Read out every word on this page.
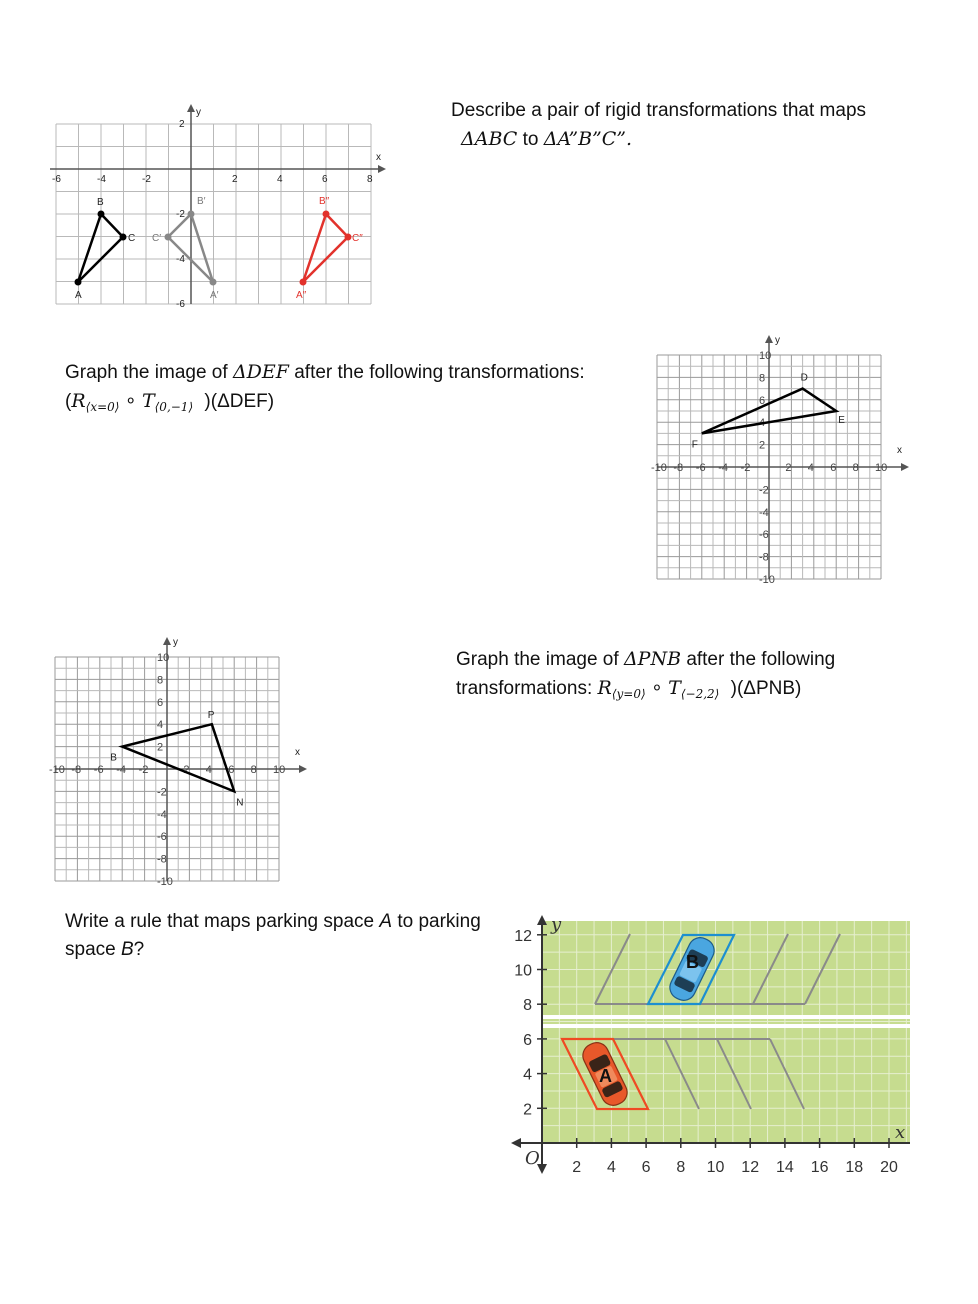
Describe a pair of rigid transformations that maps
ΔABC to ΔA”B”C”.
x
y
-6	-4	-2	2	4	6	8
2
-2
-4
-6
A
B
C
A′
B′
C′
A″
B″
C″
Graph the image of ΔDEF after the following transformations:
($R_{⟨x=0⟩}$ ∘ $T_{⟨0,-1⟩}$ )(ΔDEF)
x
y
-10 -8 -6 -4 -2	2 4 6 8 10
10
8
6
4
2
-2
-4
-6
-8
-10
D
E
F
x
y
-10 -8 -6 -4 -2	2 4 6 8 10
10
8
6
4
2
-2
-4
-6
-8
-10
P
N
B
Graph the image of ΔPNB after the following
transformations: $R_{⟨y=0⟩}$ ∘ $T_{⟨-2,2⟩}$ )(ΔPNB)
Write a rule that maps parking space A to parking
space B?
B
A
x
y
O 2 4 6 8 10 12 14 16 18 20
2
4
6
8
10
12
